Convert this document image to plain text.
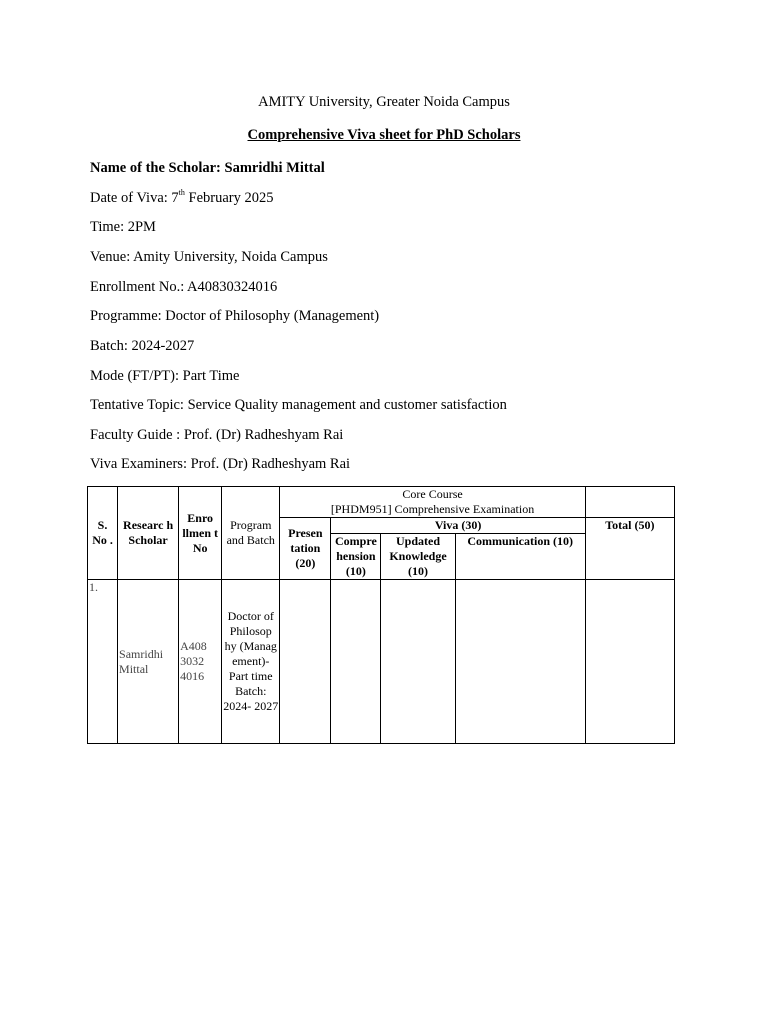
AMITY University, Greater Noida Campus
Comprehensive Viva sheet for PhD Scholars
Name of the Scholar: Samridhi Mittal
Date of Viva: 7th February 2025
Time: 2PM
Venue: Amity University, Noida Campus
Enrollment No.: A40830324016
Programme: Doctor of Philosophy (Management)
Batch: 2024-2027
Mode (FT/PT): Part Time
Tentative Topic: Service Quality management and customer satisfaction
Faculty Guide : Prof. (Dr) Radheshyam Rai
Viva Examiners: Prof. (Dr) Radheshyam Rai
S. No .	Researc h Scholar	Enro llmen t No	Program and Batch	Core Course
[PHDM951] Comprehensive Examination				

				Presen tation (20)	Viva (30)			Total (50)
					Compre hension (10)	Updated Knowledge (10)	Communication (10)	
1.	Samridhi Mittal	A408 3032 4016	Doctor of Philosop hy (Manag ement)- Part time Batch: 2024- 2027					
